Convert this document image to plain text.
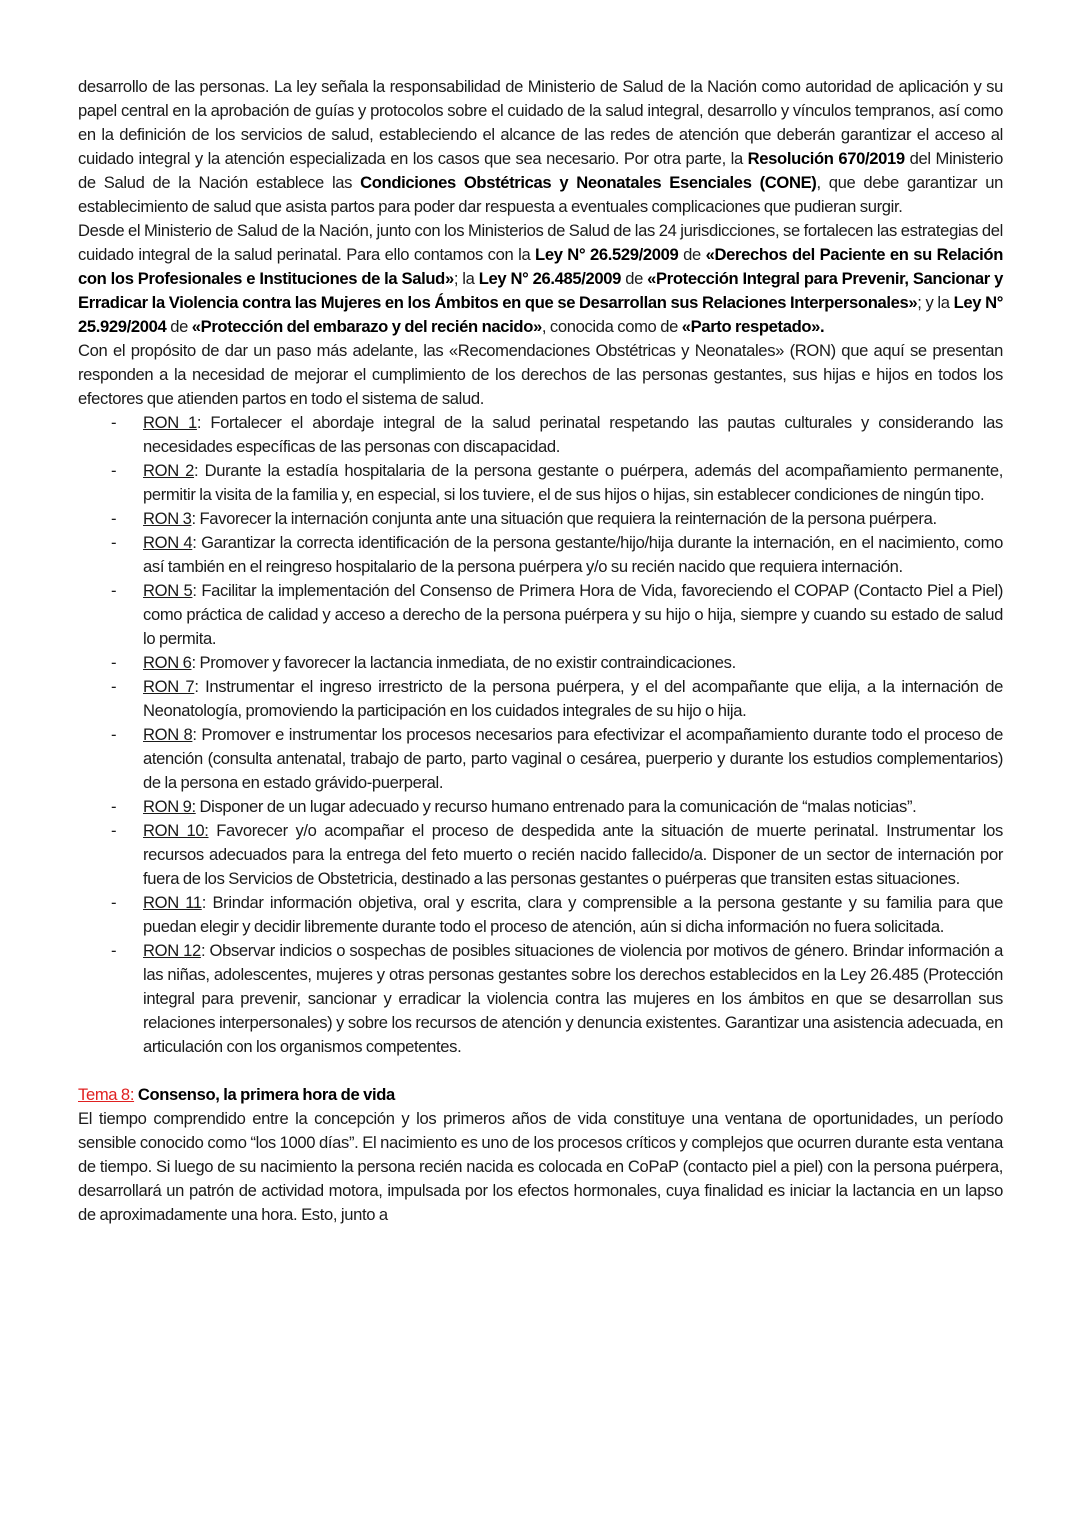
desarrollo de las personas. La ley señala la responsabilidad de Ministerio de Salud de la Nación como autoridad de aplicación y su papel central en la aprobación de guías y protocolos sobre el cuidado de la salud integral, desarrollo y vínculos tempranos, así como en la definición de los servicios de salud, estableciendo el alcance de las redes de atención que deberán garantizar el acceso al cuidado integral y la atención especializada en los casos que sea necesario. Por otra parte, la Resolución 670/2019 del Ministerio de Salud de la Nación establece las Condiciones Obstétricas y Neonatales Esenciales (CONE), que debe garantizar un establecimiento de salud que asista partos para poder dar respuesta a eventuales complicaciones que pudieran surgir.

Desde el Ministerio de Salud de la Nación, junto con los Ministerios de Salud de las 24 jurisdicciones, se fortalecen las estrategias del cuidado integral de la salud perinatal. Para ello contamos con la Ley N° 26.529/2009 de «Derechos del Paciente en su Relación con los Profesionales e Instituciones de la Salud»; la Ley N° 26.485/2009 de «Protección Integral para Prevenir, Sancionar y Erradicar la Violencia contra las Mujeres en los Ámbitos en que se Desarrollan sus Relaciones Interpersonales»; y la Ley N° 25.929/2004 de «Protección del embarazo y del recién nacido», conocida como de «Parto respetado».

Con el propósito de dar un paso más adelante, las «Recomendaciones Obstétricas y Neonatales» (RON) que aquí se presentan responden a la necesidad de mejorar el cumplimiento de los derechos de las personas gestantes, sus hijas e hijos en todos los efectores que atienden partos en todo el sistema de salud.

- RON 1: Fortalecer el abordaje integral de la salud perinatal respetando las pautas culturales y considerando las necesidades específicas de las personas con discapacidad.
- RON 2: Durante la estadía hospitalaria de la persona gestante o puérpera, además del acompañamiento permanente, permitir la visita de la familia y, en especial, si los tuviere, el de sus hijos o hijas, sin establecer condiciones de ningún tipo.
- RON 3: Favorecer la internación conjunta ante una situación que requiera la reinternación de la persona puérpera.
- RON 4: Garantizar la correcta identificación de la persona gestante/hijo/hija durante la internación, en el nacimiento, como así también en el reingreso hospitalario de la persona puérpera y/o su recién nacido que requiera internación.
- RON 5: Facilitar la implementación del Consenso de Primera Hora de Vida, favoreciendo el COPAP (Contacto Piel a Piel) como práctica de calidad y acceso a derecho de la persona puérpera y su hijo o hija, siempre y cuando su estado de salud lo permita.
- RON 6: Promover y favorecer la lactancia inmediata, de no existir contraindicaciones.
- RON 7: Instrumentar el ingreso irrestricto de la persona puérpera, y el del acompañante que elija, a la internación de Neonatología, promoviendo la participación en los cuidados integrales de su hijo o hija.
- RON 8: Promover e instrumentar los procesos necesarios para efectivizar el acompañamiento durante todo el proceso de atención (consulta antenatal, trabajo de parto, parto vaginal o cesárea, puerperio y durante los estudios complementarios) de la persona en estado grávido-puerperal.
- RON 9: Disponer de un lugar adecuado y recurso humano entrenado para la comunicación de “malas noticias”.
- RON 10: Favorecer y/o acompañar el proceso de despedida ante la situación de muerte perinatal. Instrumentar los recursos adecuados para la entrega del feto muerto o recién nacido fallecido/a. Disponer de un sector de internación por fuera de los Servicios de Obstetricia, destinado a las personas gestantes o puérperas que transiten estas situaciones.
- RON 11: Brindar información objetiva, oral y escrita, clara y comprensible a la persona gestante y su familia para que puedan elegir y decidir libremente durante todo el proceso de atención, aún si dicha información no fuera solicitada.
- RON 12: Observar indicios o sospechas de posibles situaciones de violencia por motivos de género. Brindar información a las niñas, adolescentes, mujeres y otras personas gestantes sobre los derechos establecidos en la Ley 26.485 (Protección integral para prevenir, sancionar y erradicar la violencia contra las mujeres en los ámbitos en que se desarrollan sus relaciones interpersonales) y sobre los recursos de atención y denuncia existentes. Garantizar una asistencia adecuada, en articulación con los organismos competentes.

Tema 8: Consenso, la primera hora de vida

El tiempo comprendido entre la concepción y los primeros años de vida constituye una ventana de oportunidades, un período sensible conocido como “los 1000 días”. El nacimiento es uno de los procesos críticos y complejos que ocurren durante esta ventana de tiempo. Si luego de su nacimiento la persona recién nacida es colocada en CoPaP (contacto piel a piel) con la persona puérpera, desarrollará un patrón de actividad motora, impulsada por los efectos hormonales, cuya finalidad es iniciar la lactancia en un lapso de aproximadamente una hora. Esto, junto a
